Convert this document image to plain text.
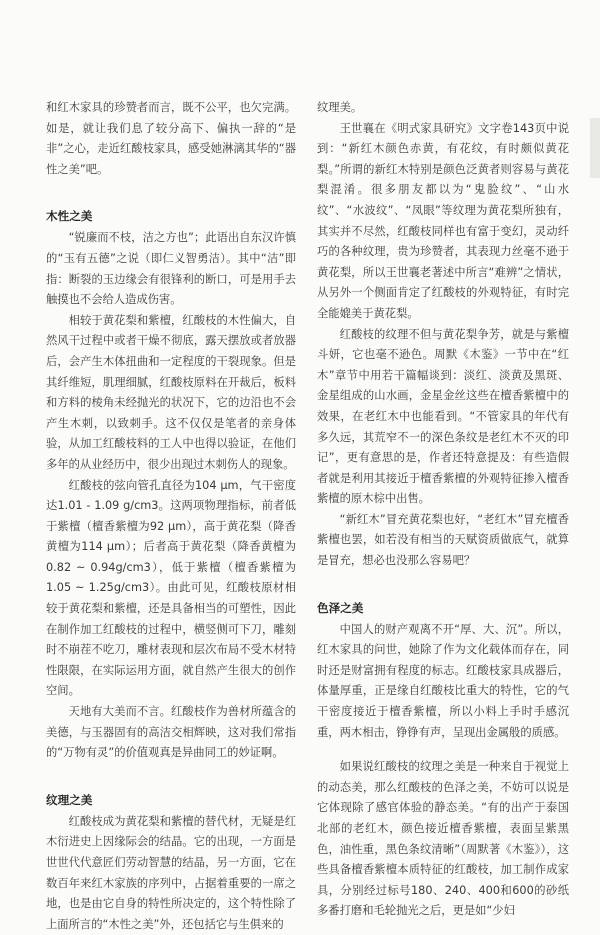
和红木家具的珍赞者而言，既不公平，也欠完满。如是，就让我们息了较分高下、偏执一辞的“是非”之心，走近红酸枝家具，感受她淋漓其华的“器性之美”吧。

木性之美

“锐廉而不枝，洁之方也”；此语出自东汉许慎的“玉有五德”之说（即仁义智勇洁）。其中“洁”即指：断裂的玉边缘会有很锋利的断口，可是用手去触摸也不会给人造成伤害。

相较于黄花梨和紫檀，红酸枝的木性偏大，自然风干过程中或者干燥不彻底，露天摆放或者放器后，会产生木体扭曲和一定程度的干裂现象。但是其纤维短，肌理细腻，红酸枝原料在开裁后，板料和方料的棱角未经抛光的状况下，它的边沿也不会产生木刺，以致刺手。这不仅仅是笔者的亲身体验，从加工红酸枝料的工人中也得以验证，在他们多年的从业经历中，很少出现过木刺伤人的现象。

红酸枝的弦向管孔直径为104 μm，气干密度达1.01 - 1.09 g/cm3。这两项物理指标，前者低于紫檀（檀香紫檀为92 μm），高于黄花梨（降香黄檀为114 μm）；后者高于黄花梨（降香黄檀为0.82 ~ 0.94g/cm3），低于紫檀（檀香紫檀为1.05 ~ 1.25g/cm3）。由此可见，红酸枝原材相较于黄花梨和紫檀，还是具备相当的可塑性，因此在制作加工红酸枝的过程中，横竖侧可下刀，雕刻时不崩茬不吃刀，雕材表现和层次布局不受木材特性限限，在实际运用方面，就自然产生很大的创作空间。

天地有大美而不言。红酸枝作为兽材所蕴含的美德，与玉器固有的高洁交相辉映，这对我们常指的“万物有灵”的价值观真是异曲同工的妙证啊。

纹理之美

红酸枝成为黄花梨和紫檀的替代材，无疑是红木衍进史上因缘际会的结晶。它的出现，一方面是世世代代意匠们劳动智慧的结晶，另一方面，它在数百年来红木家族的序列中，占据着重要的一席之地，也是由它自身的特性所决定的，这个特性除了上面所言的“木性之美”外，还包括它与生俱来的

纹理美。

王世襄在《明式家具研究》文字卷143页中说到：“新红木颜色赤黄，有花纹，有时颇似黄花梨。”所谓的新红木特别是颜色泛黄者则容易与黄花梨混淆。很多朋友都以为“鬼脸纹”、“山水纹”、“水波纹”、“凤眼”等纹理为黄花梨所独有，其实并不尽然，红酸枝同样也有富于变幻，灵动纤巧的各种纹理，贵为珍赞者，其表现力丝毫不逊于黄花梨，所以王世襄老著述中所言“难辨”之情状，从另外一个侧面肯定了红酸枝的外观特征，有时完全能媲美于黄花梨。

红酸枝的纹理不但与黄花梨争芳，就是与紫檀斗妍，它也毫不逊色。周默《木鉴》一节中在“红木”章节中用若干篇幅谈到：淡红、淡黄及黑斑、金星组成的山水画，金星金丝这些在檀香紫檀中的效果，在老红木中也能看到。“不管家具的年代有多久远，其荒窄不一的深色条纹是老红木不灭的印记”，更有意思的是，作者还特意提及：有些造假者就是利用其接近于檀香紫檀的外观特征掺入檀香紫檀的原木棕中出售。

“新红木”冒充黄花梨也好，“老红木”冒充檀香紫檀也罢，如若没有相当的天赋资质做底气，就算是冒充，想必也没那么容易吧？

色泽之美

中国人的财产观离不开“厚、大、沉”。所以，红木家具的问世，她除了作为文化载体而存在，同时还是财富拥有程度的标志。红酸枝家具成器后，体量厚重，正是缘自红酸枝比重大的特性，它的气干密度接近于檀香紫檀，所以小料上手时手感沉重，两木相击，铮铮有声，呈现出金属般的质感。

如果说红酸枝的纹理之美是一种来自于视觉上的动态美，那么红酸枝的色泽之美，不妨可以说是它体现除了感官体验的静态美。“有的出产于泰国北部的老红木，颜色接近檀香紫檀，表面呈紫黑色，油性重，黑色条纹清晰”（周默著《木鉴》），这些具备檀香紫檀本质特征的红酸枝，加工制作成家具，分别经过标号180、240、400和600的砂纸多番打磨和毛轮抛光之后，更是如“少妇
